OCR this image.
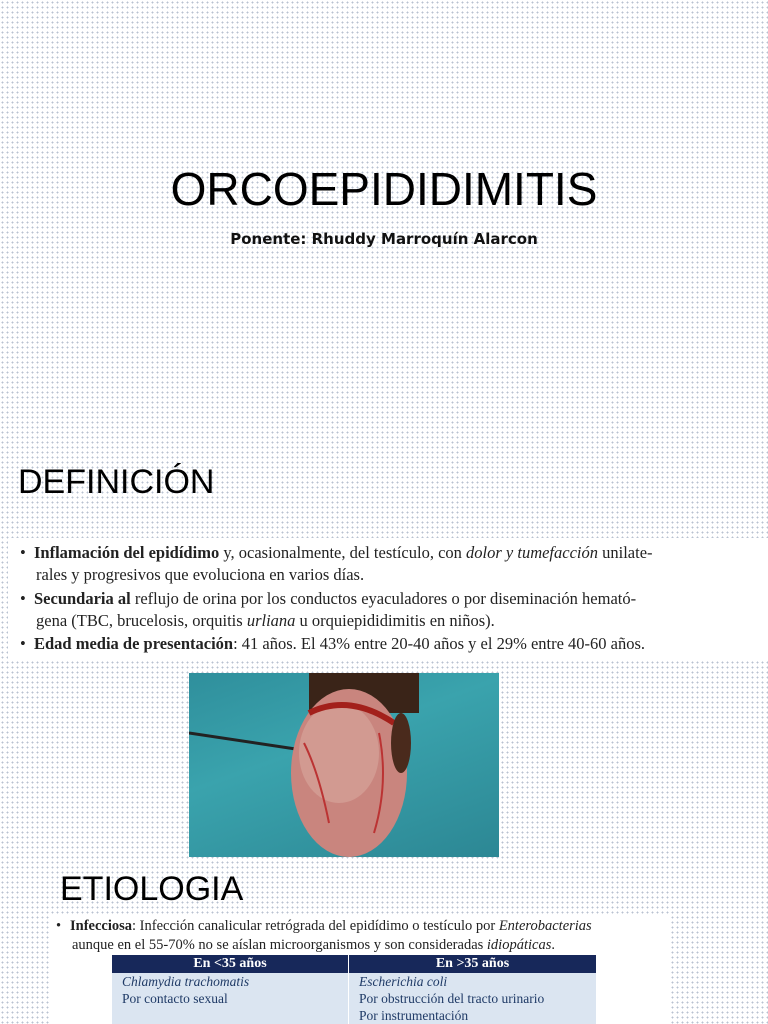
ORCOEPIDIDIMITIS
Ponente: Rhuddy Marroquín Alarcon
DEFINICIÓN
• Inflamación del epidídimo y, ocasionalmente, del testículo, con dolor y tumefacción unilate-
rales y progresivos que evoluciona en varios días.
• Secundaria al reflujo de orina por los conductos eyaculadores o por diseminación hemató-
gena (TBC, brucelosis, orquitis urliana u orquiepididimitis en niños).
• Edad media de presentación: 41 años. El 43% entre 20-40 años y el 29% entre 40-60 años.
ETIOLOGIA
• Infecciosa: Infección canalicular retrógrada del epidídimo o testículo por Enterobacterias
aunque en el 55-70% no se aíslan microorganismos y son consideradas idiopáticas.
En <35 años
Chlamydia trachomatis
Por contacto sexual
En >35 años
Escherichia coli
Por obstrucción del tracto urinario
Por instrumentación
